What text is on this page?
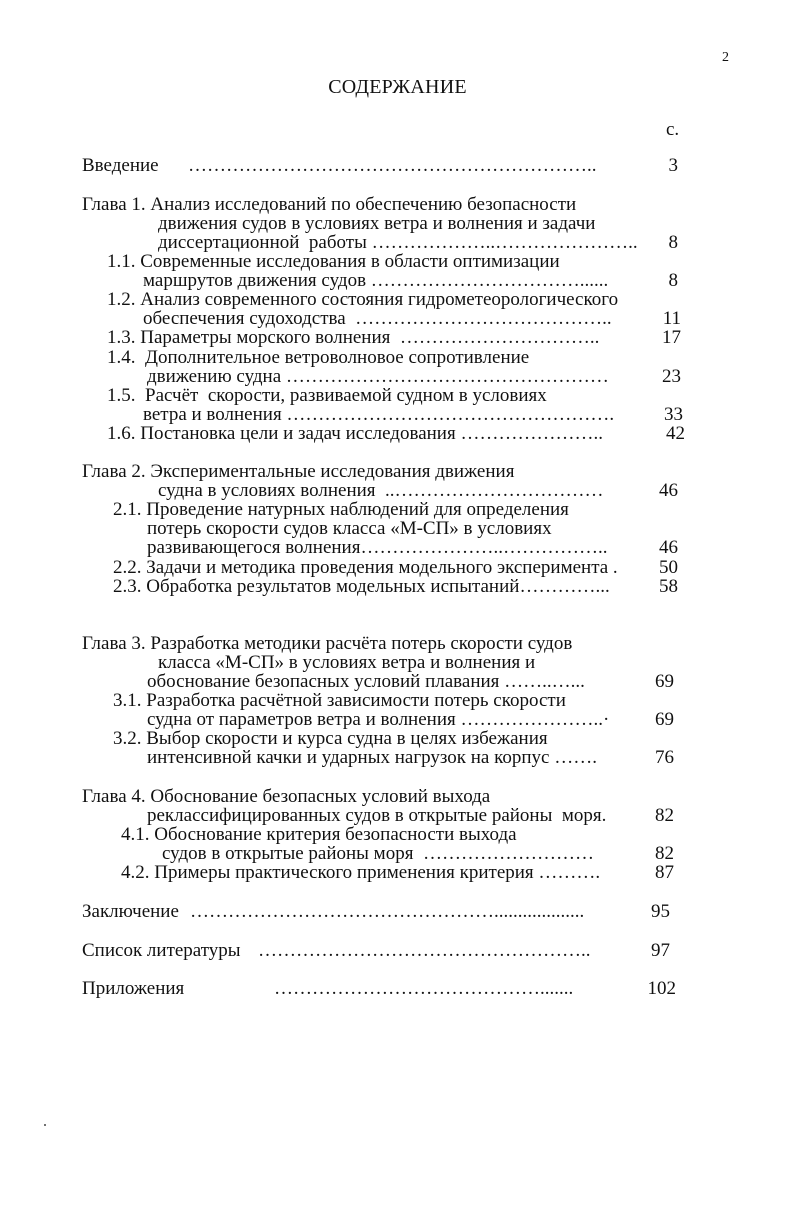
2
СОДЕРЖАНИЕ
с.
Введение ………………………………………………………..	3
Глава 1. Анализ исследований по обеспечению безопасности
движения судов в условиях ветра и волнения и задачи
диссертационной  работы ………………..………………….. 8
1.1. Современные исследования в области оптимизации
маршрутов движения судов ……………………………......	8
1.2. Анализ современного состояния гидрометеорологического
обеспечения судоходства  …………………………………..	11
1.3. Параметры морского волнения  …………………………..	17
1.4.  Дополнительное ветроволновое сопротивление
движению судна ……………………………………………	23
1.5.  Расчёт  скорости, развиваемой судном в условиях
ветра и волнения …………………………………………….	33
1.6. Постановка цели и задач исследования …………………..	42
Глава 2. Экспериментальные исследования движения
судна в условиях волнения  ..……………………………	46
2.1. Проведение натурных наблюдений для определения
потерь скорости судов класса «М-СП» в условиях
развивающегося волнения…………………..……………..	46
2.2. Задачи и методика проведения модельного эксперимента . 50
2.3. Обработка результатов модельных испытаний…………...	58
Глава 3. Разработка методики расчёта потерь скорости судов
класса «М-СП» в условиях ветра и волнения и
обоснование безопасных условий плавания ……..…...	69
3.1. Разработка расчётной зависимости потерь скорости
судна от параметров ветра и волнения …………………..· 69
3.2. Выбор скорости и курса судна в целях избежания
интенсивной качки и ударных нагрузок на корпус …….	76
Глава 4. Обоснование безопасных условий выхода
реклассифицированных судов в открытые районы  моря.	82
4.1. Обоснование критерия безопасности выхода
судов в открытые районы моря  ………………………	82
4.2. Примеры практического применения критерия ……….	87
Заключение …………………………………………...................	95
Список литературы ……………………………………………..	97
Приложения	…………………………………….......	102
